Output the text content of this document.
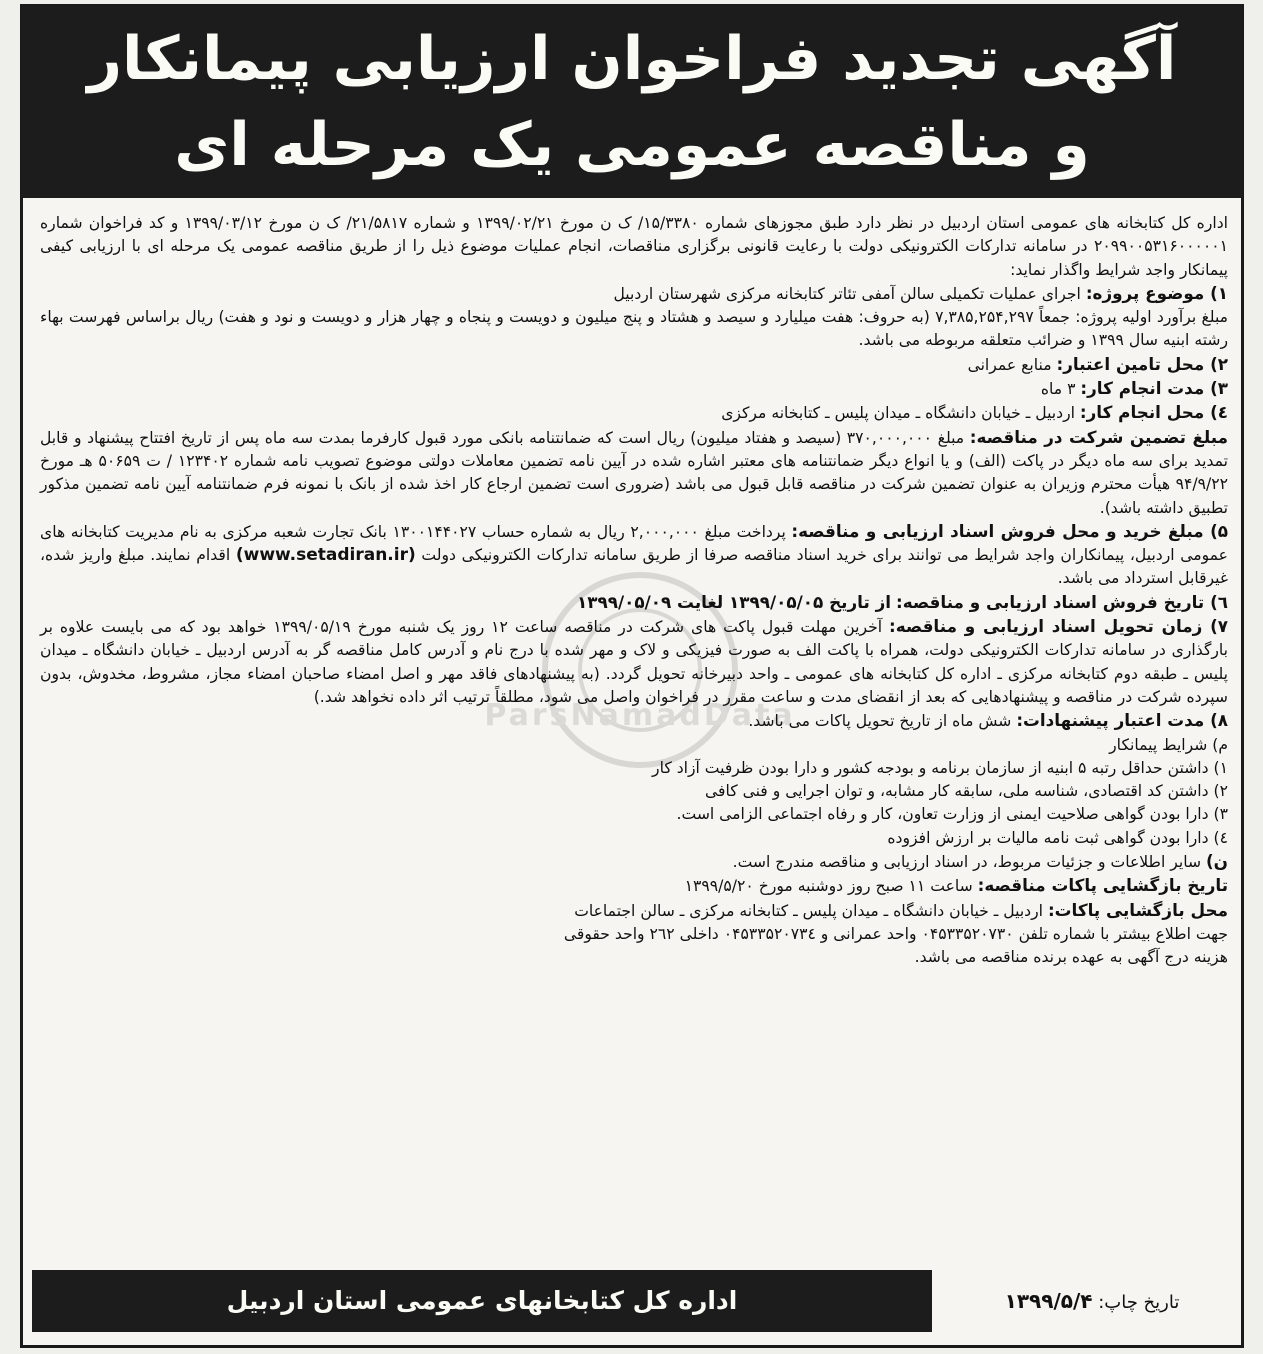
آگهی تجدید فراخوان ارزیابی پیمانکار
و مناقصه عمومی یک مرحله ای

اداره کل کتابخانه های عمومی استان اردبیل در نظر دارد طبق مجوزهای شماره ۱۵/۳۳۸۰/ ک ن مورخ ۱۳۹۹/۰۲/۲۱ و شماره ۲۱/۵۸۱۷/ ک ن مورخ ۱۳۹۹/۰۳/۱۲ و کد فراخوان شماره ۲۰۹۹۰۰۵۳۱۶۰۰۰۰۰۱ در سامانه تدارکات الکترونیکی دولت با رعایت قانونی برگزاری مناقصات، انجام عملیات موضوع ذیل را از طریق مناقصه عمومی یک مرحله ای با ارزیابی کیفی پیمانکار واجد شرایط واگذار نماید:

۱) موضوع پروژه: اجرای عملیات تکمیلی سالن آمفی تئاتر کتابخانه مرکزی شهرستان اردبیل

مبلغ برآورد اولیه پروژه: جمعاً ۷,۳۸۵,۲۵۴,۲۹۷ (به حروف: هفت میلیارد و سیصد و هشتاد و پنج میلیون و دویست و پنجاه و چهار هزار و دویست و نود و هفت) ریال براساس فهرست بهاء رشته ابنیه سال ۱۳۹۹ و ضرائب متعلقه مربوطه می باشد.

۲) محل تامین اعتبار: منابع عمرانی

۳) مدت انجام کار: ۳ ماه

٤) محل انجام کار: اردبیل ـ خیابان دانشگاه ـ میدان پلیس ـ کتابخانه مرکزی

مبلغ تضمین شرکت در مناقصه: مبلغ ۳۷۰,۰۰۰,۰۰۰ (سیصد و هفتاد میلیون) ریال است که ضمانتنامه بانکی مورد قبول کارفرما بمدت سه ماه پس از تاریخ افتتاح پیشنهاد و قابل تمدید برای سه ماه دیگر در پاکت (الف) و یا انواع دیگر ضمانتنامه های معتبر اشاره شده در آیین نامه تضمین معاملات دولتی موضوع تصویب نامه شماره ۱۲۳۴۰۲ / ت ۵۰۶۵۹ هـ مورخ ۹۴/۹/۲۲ هیأت محترم وزیران به عنوان تضمین شرکت در مناقصه قابل قبول می باشد (ضروری است تضمین ارجاع کار اخذ شده از بانک با نمونه فرم ضمانتنامه آیین نامه تضمین مذکور تطبیق داشته باشد).

۵) مبلغ خرید و محل فروش اسناد ارزیابی و مناقصه: پرداخت مبلغ ۲,۰۰۰,۰۰۰ ریال به شماره حساب ۱۳۰۰۱۴۴۰۲۷ بانک تجارت شعبه مرکزی به نام مدیریت کتابخانه های عمومی اردبیل، پیمانکاران واجد شرایط می توانند برای خرید اسناد مناقصه صرفا از طریق سامانه تدارکات الکترونیکی دولت (www.setadiran.ir) اقدام نمایند. مبلغ واریز شده، غیرقابل استرداد می باشد.

٦) تاریخ فروش اسناد ارزیابی و مناقصه: از تاریخ ۱۳۹۹/۰۵/۰۵ لغایت ۱۳۹۹/۰۵/۰۹

۷) زمان تحویل اسناد ارزیابی و مناقصه: آخرین مهلت قبول پاکت های شرکت در مناقصه ساعت ۱۲ روز یک شنبه مورخ ۱۳۹۹/۰۵/۱۹ خواهد بود که می بایست علاوه بر بارگذاری در سامانه تدارکات الکترونیکی دولت، همراه با پاکت الف به صورت فیزیکی و لاک و مهر شده با درج نام و آدرس کامل مناقصه گر به آدرس اردبیل ـ خیابان دانشگاه ـ میدان پلیس ـ طبقه دوم کتابخانه مرکزی ـ اداره کل کتابخانه های عمومی ـ واحد دبیرخانه تحویل گردد. (به پیشنهادهای فاقد مهر و اصل امضاء صاحبان امضاء مجاز، مشروط، مخدوش، بدون سپرده شرکت در مناقصه و پیشنهادهایی که بعد از انقضای مدت و ساعت مقرر در فراخوان واصل می شود، مطلقاً ترتیب اثر داده نخواهد شد.)

۸) مدت اعتبار پیشنهادات: شش ماه از تاریخ تحویل پاکات می باشد.

م) شرایط پیمانکار

۱) داشتن حداقل رتبه ۵ ابنیه از سازمان برنامه و بودجه کشور و دارا بودن ظرفیت آزاد کار

۲) داشتن کد اقتصادی، شناسه ملی، سابقه کار مشابه، و توان اجرایی و فنی کافی

۳) دارا بودن گواهی صلاحیت ایمنی از وزارت تعاون، کار و رفاه اجتماعی الزامی است.

٤) دارا بودن گواهی ثبت نامه مالیات بر ارزش افزوده

ن) سایر اطلاعات و جزئیات مربوط، در اسناد ارزیابی و مناقصه مندرج است.

تاریخ بازگشایی پاکات مناقصه: ساعت ۱۱ صبح روز دوشنبه مورخ ۱۳۹۹/۵/۲۰

محل بازگشایی پاکات: اردبیل ـ خیابان دانشگاه ـ میدان پلیس ـ کتابخانه مرکزی ـ سالن اجتماعات

جهت اطلاع بیشتر با شماره تلفن ۰۴۵۳۳۵۲۰۷۳۰ واحد عمرانی و ۰۴۵۳۳۵۲۰۷۳٤ داخلی ۲٦۲ واحد حقوقی

هزینه درج آگهی به عهده برنده مناقصه می باشد.

اداره کل کتابخانهای عمومی استان اردبیل	تاریخ چاپ: ۱۳۹۹/۵/۴
